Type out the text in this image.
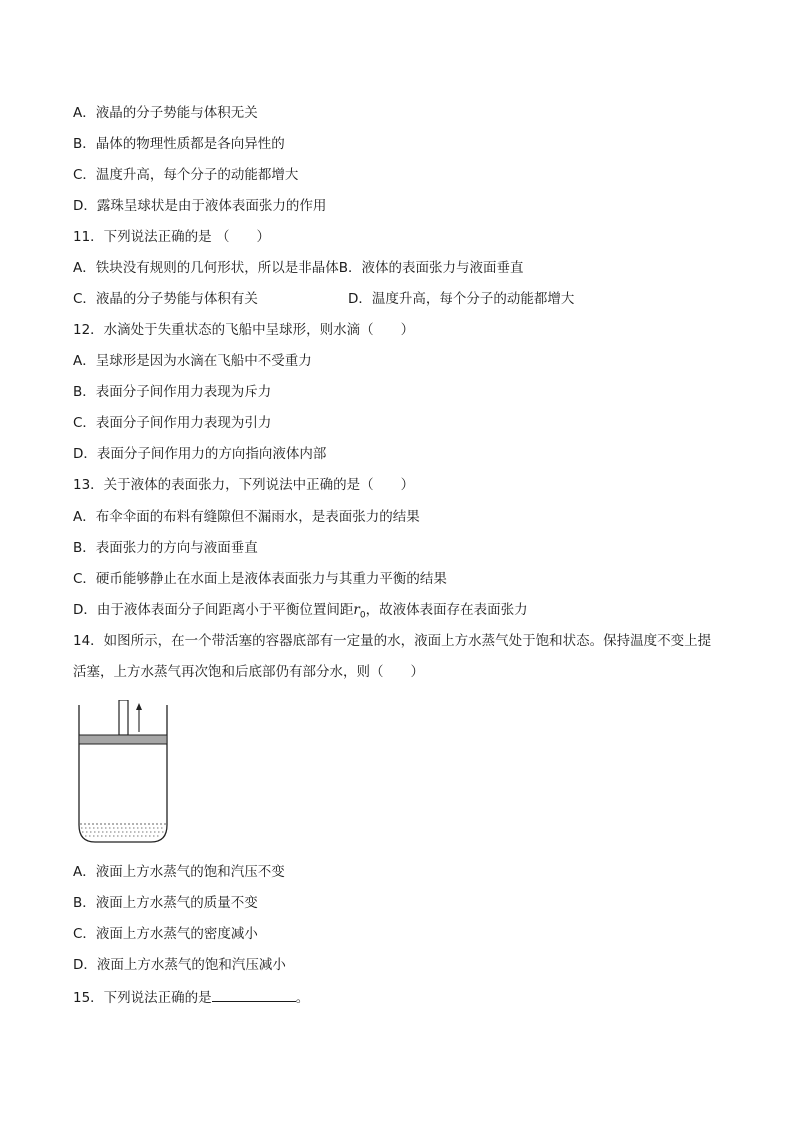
A．液晶的分子势能与体积无关
B．晶体的物理性质都是各向异性的
C．温度升高，每个分子的动能都增大
D．露珠呈球状是由于液体表面张力的作用
11．下列说法正确的是 （　　）
A．铁块没有规则的几何形状，所以是非晶体B．液体的表面张力与液面垂直
C．液晶的分子势能与体积有关	D．温度升高，每个分子的动能都增大
12．水滴处于失重状态的飞船中呈球形，则水滴（　　）
A．呈球形是因为水滴在飞船中不受重力
B．表面分子间作用力表现为斥力
C．表面分子间作用力表现为引力
D．表面分子间作用力的方向指向液体内部
13．关于液体的表面张力，下列说法中正确的是（　　）
A．布伞伞面的布料有缝隙但不漏雨水，是表面张力的结果
B．表面张力的方向与液面垂直
C．硬币能够静止在水面上是液体表面张力与其重力平衡的结果
D．由于液体表面分子间距离小于平衡位置间距$r_0$，故液体表面存在表面张力
14．如图所示，在一个带活塞的容器底部有一定量的水，液面上方水蒸气处于饱和状态。保持温度不变上提活塞，上方水蒸气再次饱和后底部仍有部分水，则（　　）
A．液面上方水蒸气的饱和汽压不变
B．液面上方水蒸气的质量不变
C．液面上方水蒸气的密度减小
D．液面上方水蒸气的饱和汽压减小
15．下列说法正确的是	。
